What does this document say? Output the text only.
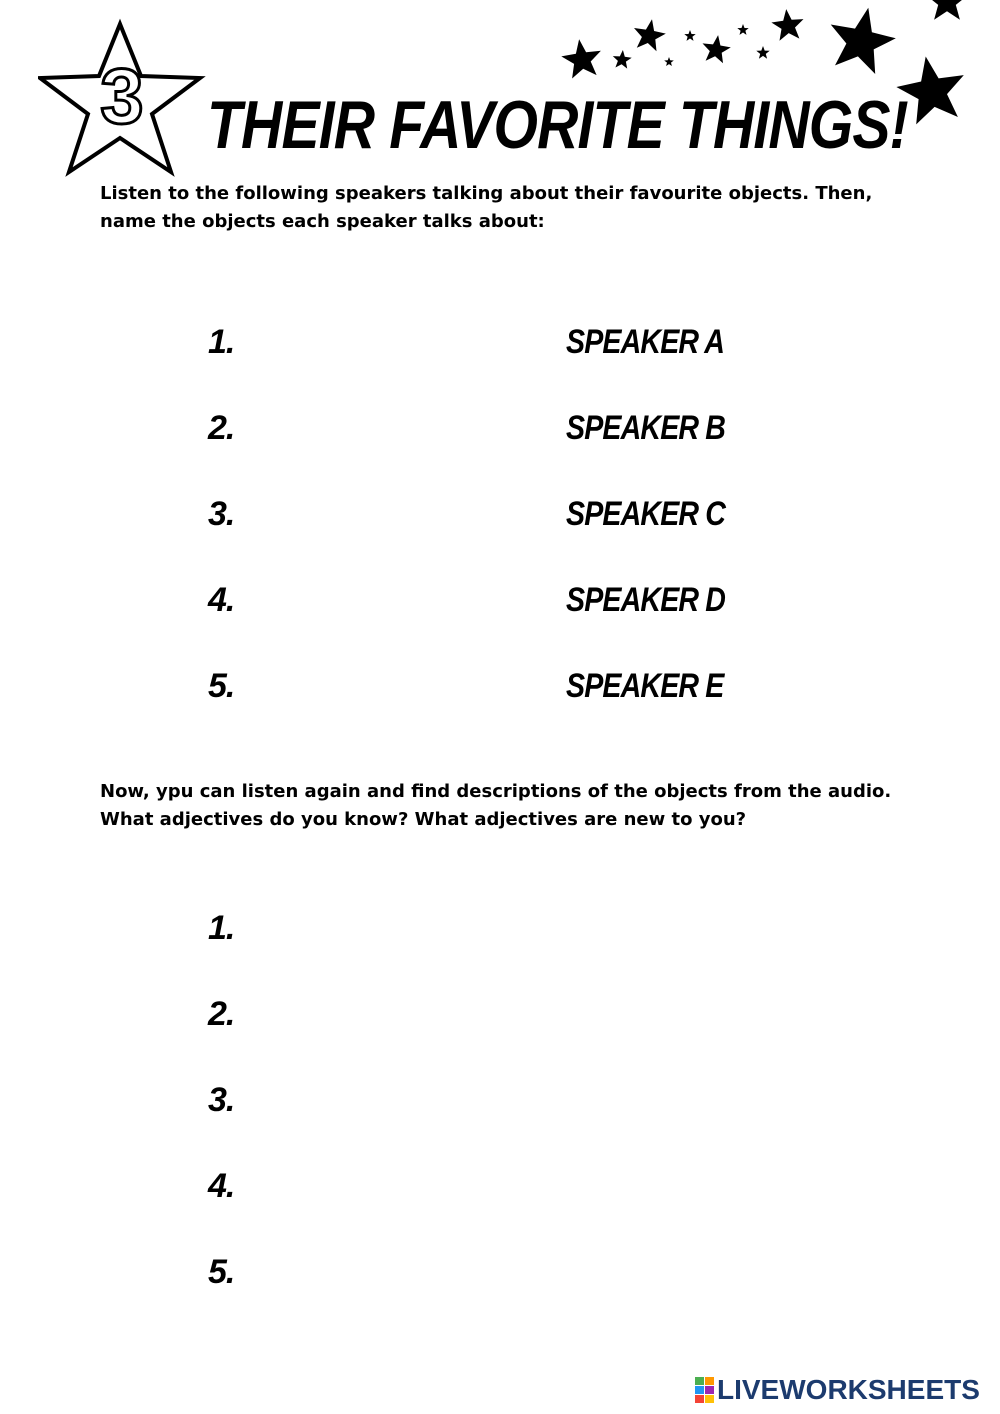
3 THEIR FAVORITE THINGS!
Listen to the following speakers talking about their favourite objects. Then, name the objects each speaker talks about:
Now, ypu can listen again and find descriptions of the objects from the audio. What adjectives do you know? What adjectives are new to you?
1.
2.
3.
4.
5.
SPEAKER A
SPEAKER B
SPEAKER C
SPEAKER D
SPEAKER E
1.
2.
3.
4.
5.
LIVEWORKSHEETS
